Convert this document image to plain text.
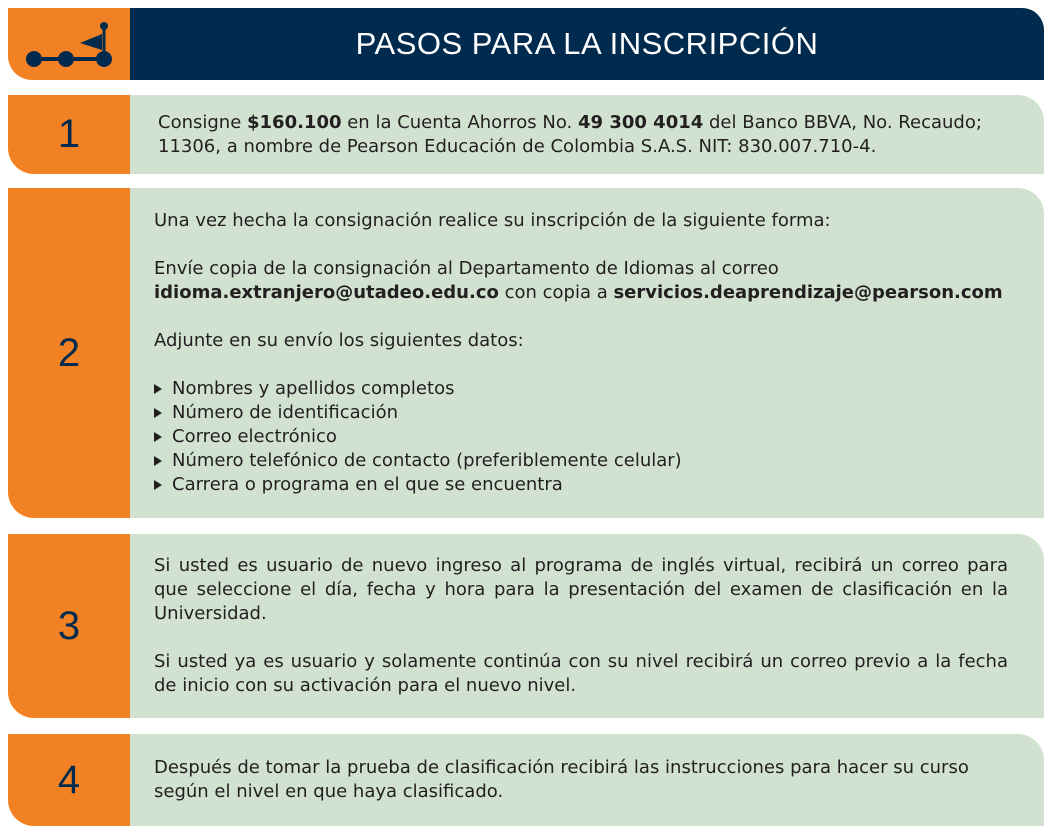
PASOS PARA LA INSCRIPCIÓN
1	Consigne $160.100 en la Cuenta Ahorros No. 49 300 4014 del Banco BBVA, No. Recaudo;

11306, a nombre de Pearson Educación de Colombia S.A.S. NIT: 830.007.710-4.

2

Una vez hecha la consignación realice su inscripción de la siguiente forma:

Envíe copia de la consignación al Departamento de Idiomas al correo

idioma.extranjero@utadeo.edu.co con copia a servicios.deaprendizaje@pearson.com

Adjunte en su envío los siguientes datos:

Nombres y apellidos completos
Número de identificación
Correo electrónico
Número telefónico de contacto (preferiblemente celular)
Carrera o programa en el que se encuentra
3

Si usted es usuario de nuevo ingreso al programa de inglés virtual, recibirá un correo para que seleccione el día, fecha y hora para la presentación del examen de clasificación en la Universidad.

Si usted ya es usuario y solamente continúa con su nivel recibirá un correo previo a la fecha de inicio con su activación para el nuevo nivel.

4	Después de tomar la prueba de clasificación recibirá las instrucciones para hacer su curso según el nivel en que haya clasificado.
